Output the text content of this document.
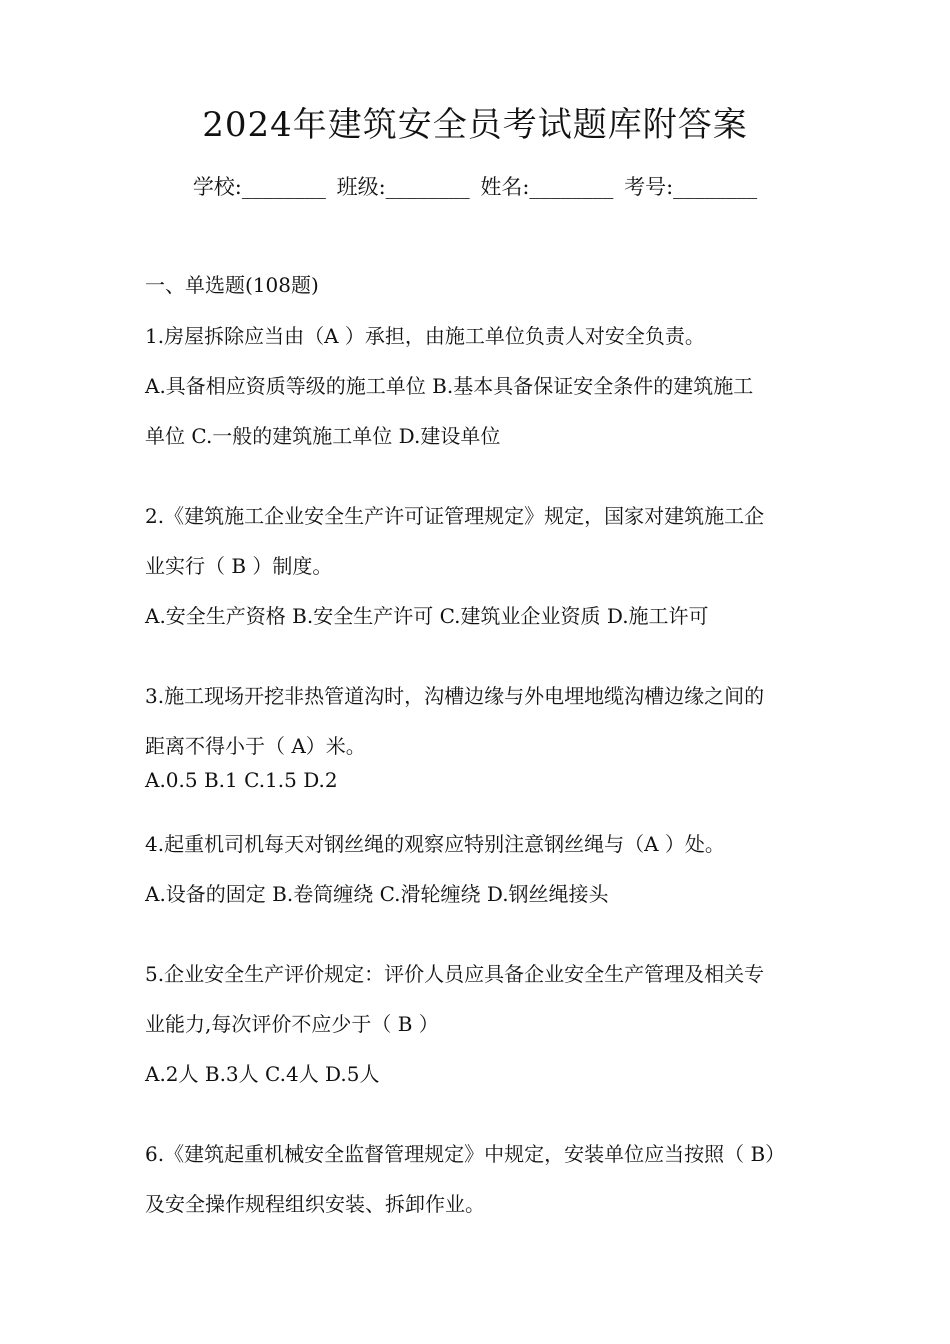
2024年建筑安全员考试题库附答案
学校:________ 班级:________ 姓名:________ 考号:________
一、单选题(108题)
1.房屋拆除应当由（A ）承担，由施工单位负责人对安全负责。
A.具备相应资质等级的施工单位 B.基本具备保证安全条件的建筑施工
单位 C.一般的建筑施工单位 D.建设单位
2.《建筑施工企业安全生产许可证管理规定》规定，国家对建筑施工企
业实行（ B ）制度。
A.安全生产资格 B.安全生产许可 C.建筑业企业资质 D.施工许可
3.施工现场开挖非热管道沟时，沟槽边缘与外电埋地缆沟槽边缘之间的
距离不得小于（ A）米。
A.0.5 B.1 C.1.5 D.2
4.起重机司机每天对钢丝绳的观察应特别注意钢丝绳与（A ）处。
A.设备的固定 B.卷筒缠绕 C.滑轮缠绕 D.钢丝绳接头
5.企业安全生产评价规定：评价人员应具备企业安全生产管理及相关专
业能力,每次评价不应少于（ B ）
A.2人 B.3人 C.4人 D.5人
6.《建筑起重机械安全监督管理规定》中规定，安装单位应当按照（ B）
及安全操作规程组织安装、拆卸作业。
